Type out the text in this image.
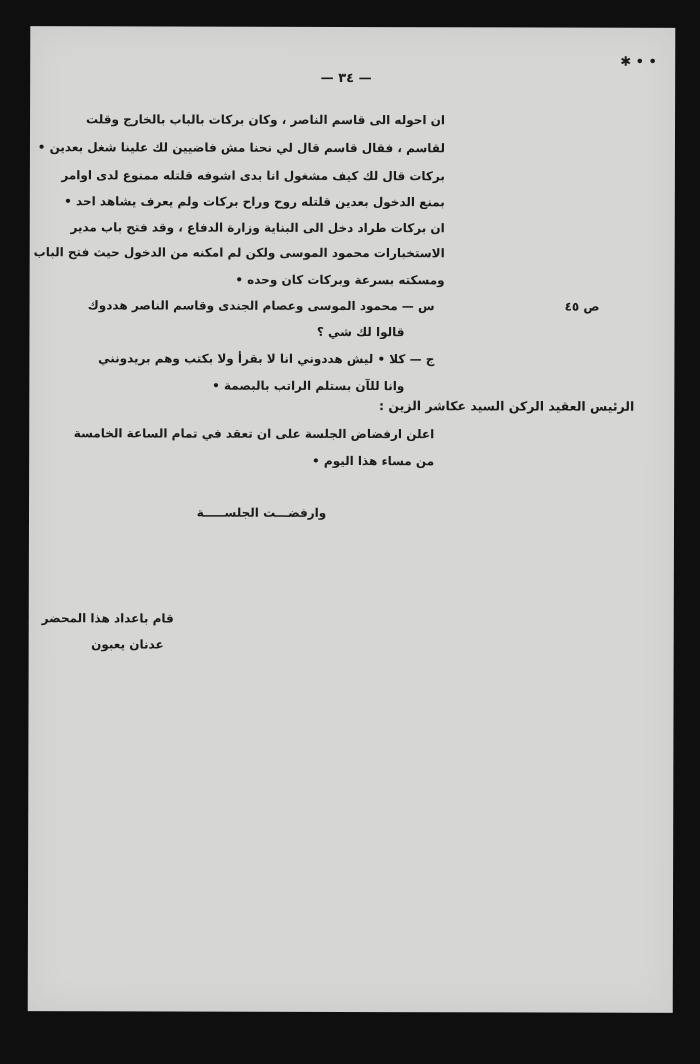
• • ✱
— ٣٤ —
ان احوله الى قاسم الناصر ، وكان بركات بالباب بالخارج وقلت
لقاسم ، فقال قاسم قال لي نحنا مش فاضيين لك علينا شغل بعدين •
بركات قال لك كيف مشغول انا بدى اشوفه قلتله ممنوع لدى اوامر
بمنع الدخول بعدين قلتله روح وراح بركات ولم يعرف يشاهد احد •
ان بركات طراد دخل الى البناية وزارة الدفاع ، وقد فتح باب مدير
الاستخبارات محمود الموسى ولكن لم امكنه من الدخول حيث فتح الباب
ومسكته بسرعة وبركات كان وحده •
ص ٤٥
س — محمود الموسى وعصام الجندى وقاسم الناصر هددوك
قالوا لك شي ؟
ج — كلا • ليش هددوني انا لا بقرأ ولا بكتب وهم بريدونني
وانا للآن بستلم الراتب بالبصمة •
الرئيس العقيد الركن السيد عكاشر الزين :
اعلن ارفضاض الجلسة على ان تعقد في تمام الساعة الخامسة
من مساء هذا اليوم •
وارفضـــت الجلســـــة
قام باعداد هذا المحضر
عدنان يعبون
